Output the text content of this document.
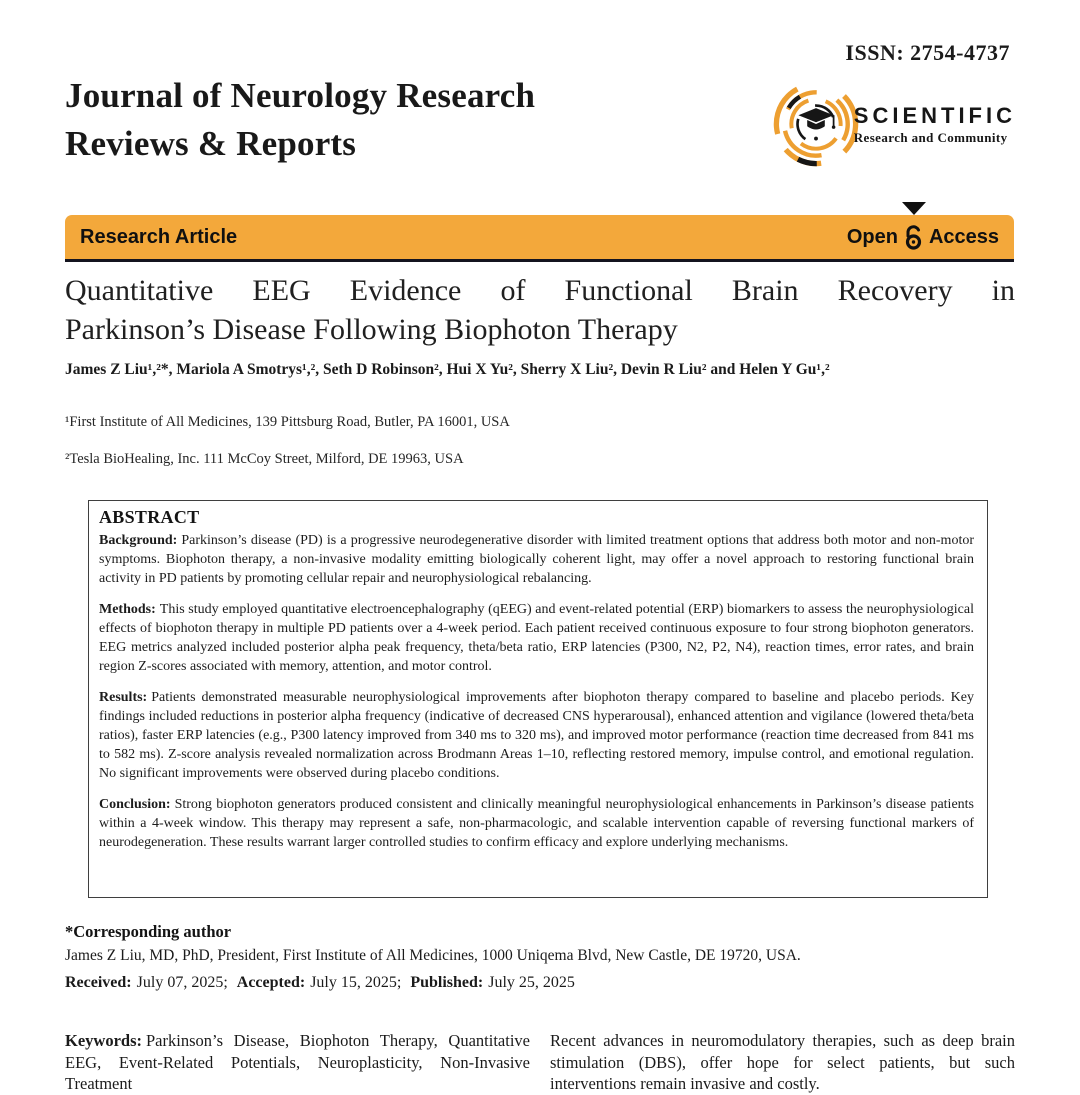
ISSN: 2754-4737
Journal of Neurology Research
Reviews & Reports
SCIENTIFIC
Research and Community
Research Article	Open Access
Quantitative EEG Evidence of Functional Brain Recovery in
Parkinson’s Disease Following Biophoton Therapy
James Z Liu¹,²*, Mariola A Smotrys¹,², Seth D Robinson², Hui X Yu², Sherry X Liu², Devin R Liu² and Helen Y Gu¹,²
¹First Institute of All Medicines, 139 Pittsburg Road, Butler, PA 16001, USA
²Tesla BioHealing, Inc. 111 McCoy Street, Milford, DE 19963, USA
ABSTRACT

Background: Parkinson’s disease (PD) is a progressive neurodegenerative disorder with limited treatment options that address both motor and non-motor symptoms. Biophoton therapy, a non-invasive modality emitting biologically coherent light, may offer a novel approach to restoring functional brain activity in PD patients by promoting cellular repair and neurophysiological rebalancing.

Methods: This study employed quantitative electroencephalography (qEEG) and event-related potential (ERP) biomarkers to assess the neurophysiological effects of biophoton therapy in multiple PD patients over a 4-week period. Each patient received continuous exposure to four strong biophoton generators. EEG metrics analyzed included posterior alpha peak frequency, theta/beta ratio, ERP latencies (P300, N2, P2, N4), reaction times, error rates, and brain region Z-scores associated with memory, attention, and motor control.

Results: Patients demonstrated measurable neurophysiological improvements after biophoton therapy compared to baseline and placebo periods. Key findings included reductions in posterior alpha frequency (indicative of decreased CNS hyperarousal), enhanced attention and vigilance (lowered theta/beta ratios), faster ERP latencies (e.g., P300 latency improved from 340 ms to 320 ms), and improved motor performance (reaction time decreased from 841 ms to 582 ms). Z-score analysis revealed normalization across Brodmann Areas 1–10, reflecting restored memory, impulse control, and emotional regulation. No significant improvements were observed during placebo conditions.

Conclusion: Strong biophoton generators produced consistent and clinically meaningful neurophysiological enhancements in Parkinson’s disease patients within a 4-week window. This therapy may represent a safe, non-pharmacologic, and scalable intervention capable of reversing functional markers of neurodegeneration. These results warrant larger controlled studies to confirm efficacy and explore underlying mechanisms.

*Corresponding author
James Z Liu, MD, PhD, President, First Institute of All Medicines, 1000 Uniqema Blvd, New Castle, DE 19720, USA.
Received: July 07, 2025; Accepted: July 15, 2025; Published: July 25, 2025
Keywords: Parkinson’s Disease, Biophoton Therapy, Quantitative EEG, Event-Related Potentials, Neuroplasticity, Non-Invasive Treatment
Recent advances in neuromodulatory therapies, such as deep brain stimulation (DBS), offer hope for select patients, but such interventions remain invasive and costly.
